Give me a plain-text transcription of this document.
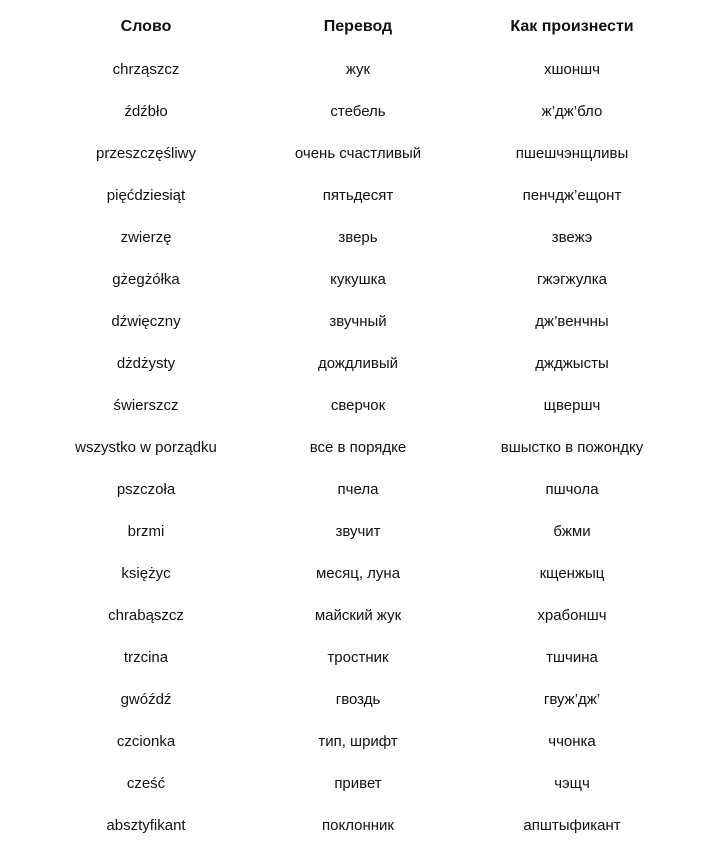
Слово	Перевод	Как произнести
chrząszcz	жук	хшоншч
źdźbło	стебель	ж’дж’бло
przeszczęśliwy	очень счастливый	пшешчэнщливы
pięćdziesiąt	пятьдесят	пенчдж’ещонт
zwierzę	зверь	звежэ
gżegżółka	кукушка	гжэгжулка
dźwięczny	звучный	дж’венчны
dżdżysty	дождливый	джджысты
świerszcz	сверчок	щвершч
wszystko w porządku	все в порядке	вшыстко в пожондку
pszczoła	пчела	пшчола
brzmi	звучит	бжми
księżyc	месяц, луна	кщенжыц
chrabąszcz	майский жук	храбоншч
trzcina	тростник	тшчина
gwóźdź	гвоздь	гвуж’дж’
czcionka	тип, шрифт	ччонка
cześć	привет	чэщч
absztyfikant	поклонник	апштыфикант
